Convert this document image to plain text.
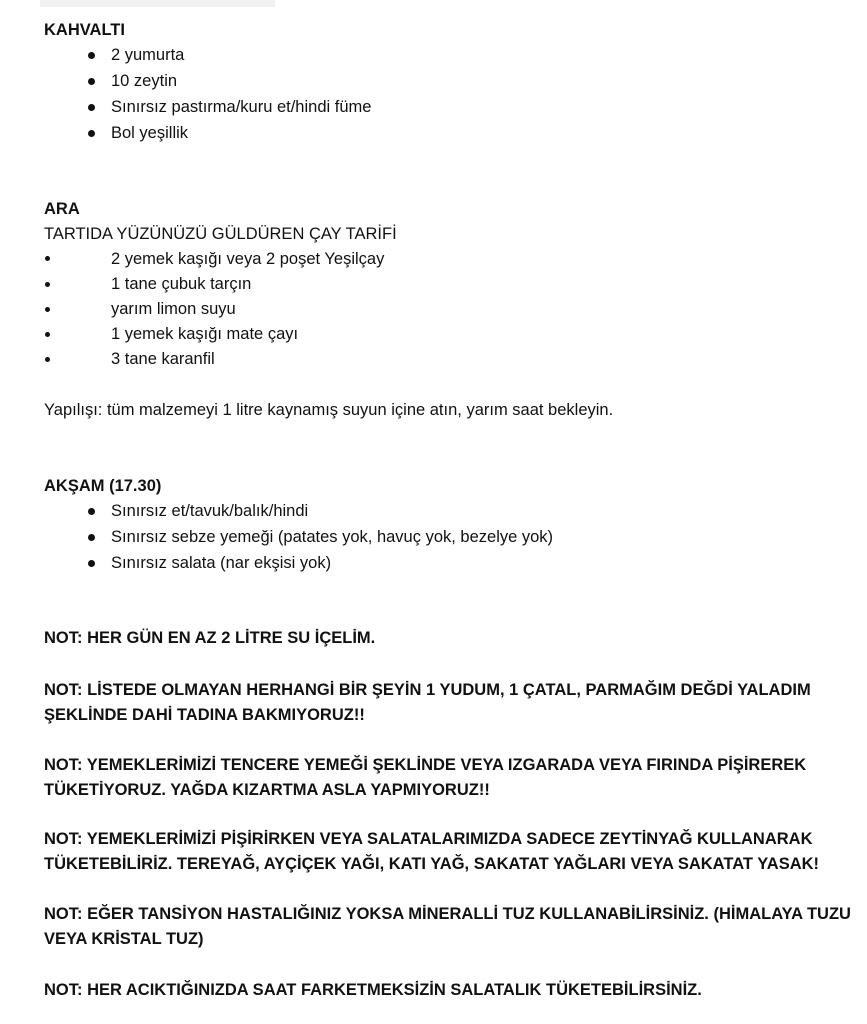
KAHVALTI
2 yumurta
10 zeytin
Sınırsız pastırma/kuru et/hindi füme
Bol yeşillik
ARA
TARTIDA YÜZÜNÜZÜ GÜLDÜREN ÇAY TARİFİ
2 yemek kaşığı veya 2 poşet Yeşilçay
1 tane çubuk tarçın
yarım limon suyu
1 yemek kaşığı mate çayı
3 tane karanfil
Yapılışı: tüm malzemeyi 1 litre kaynamış suyun içine atın, yarım saat bekleyin.
AKŞAM (17.30)
Sınırsız et/tavuk/balık/hindi
Sınırsız sebze yemeği (patates yok, havuç yok, bezelye yok)
Sınırsız salata (nar ekşisi yok)
NOT: HER GÜN EN AZ 2 LİTRE SU İÇELİM.
NOT: LİSTEDE OLMAYAN HERHANGİ BİR ŞEYİN 1 YUDUM, 1 ÇATAL, PARMAĞIM DEĞDİ YALADIM
ŞEKLİNDE DAHİ TADINA BAKMIYORUZ!!
NOT: YEMEKLERİMİZİ TENCERE YEMEĞİ ŞEKLİNDE VEYA IZGARADA VEYA FIRINDA PİŞİREREK
TÜKETİYORUZ. YAĞDA KIZARTMA ASLA YAPMIYORUZ!!
NOT: YEMEKLERİMİZİ PİŞİRİRKEN VEYA SALATALARIMIZDA SADECE ZEYTİNYAĞ KULLANARAK
TÜKETEBİLİRİZ. TEREYAĞ, AYÇİÇEK YAĞI, KATI YAĞ, SAKATAT YAĞLARI VEYA SAKATAT YASAK!
NOT: EĞER TANSİYON HASTALIĞINIZ YOKSA MİNERALLİ TUZ KULLANABİLİRSİNİZ. (HİMALAYA TUZU
VEYA KRİSTAL TUZ)
NOT: HER ACIKTIĞINIZDA SAAT FARKETMEKSİZİN SALATALIK TÜKETEBİLİRSİNİZ.
